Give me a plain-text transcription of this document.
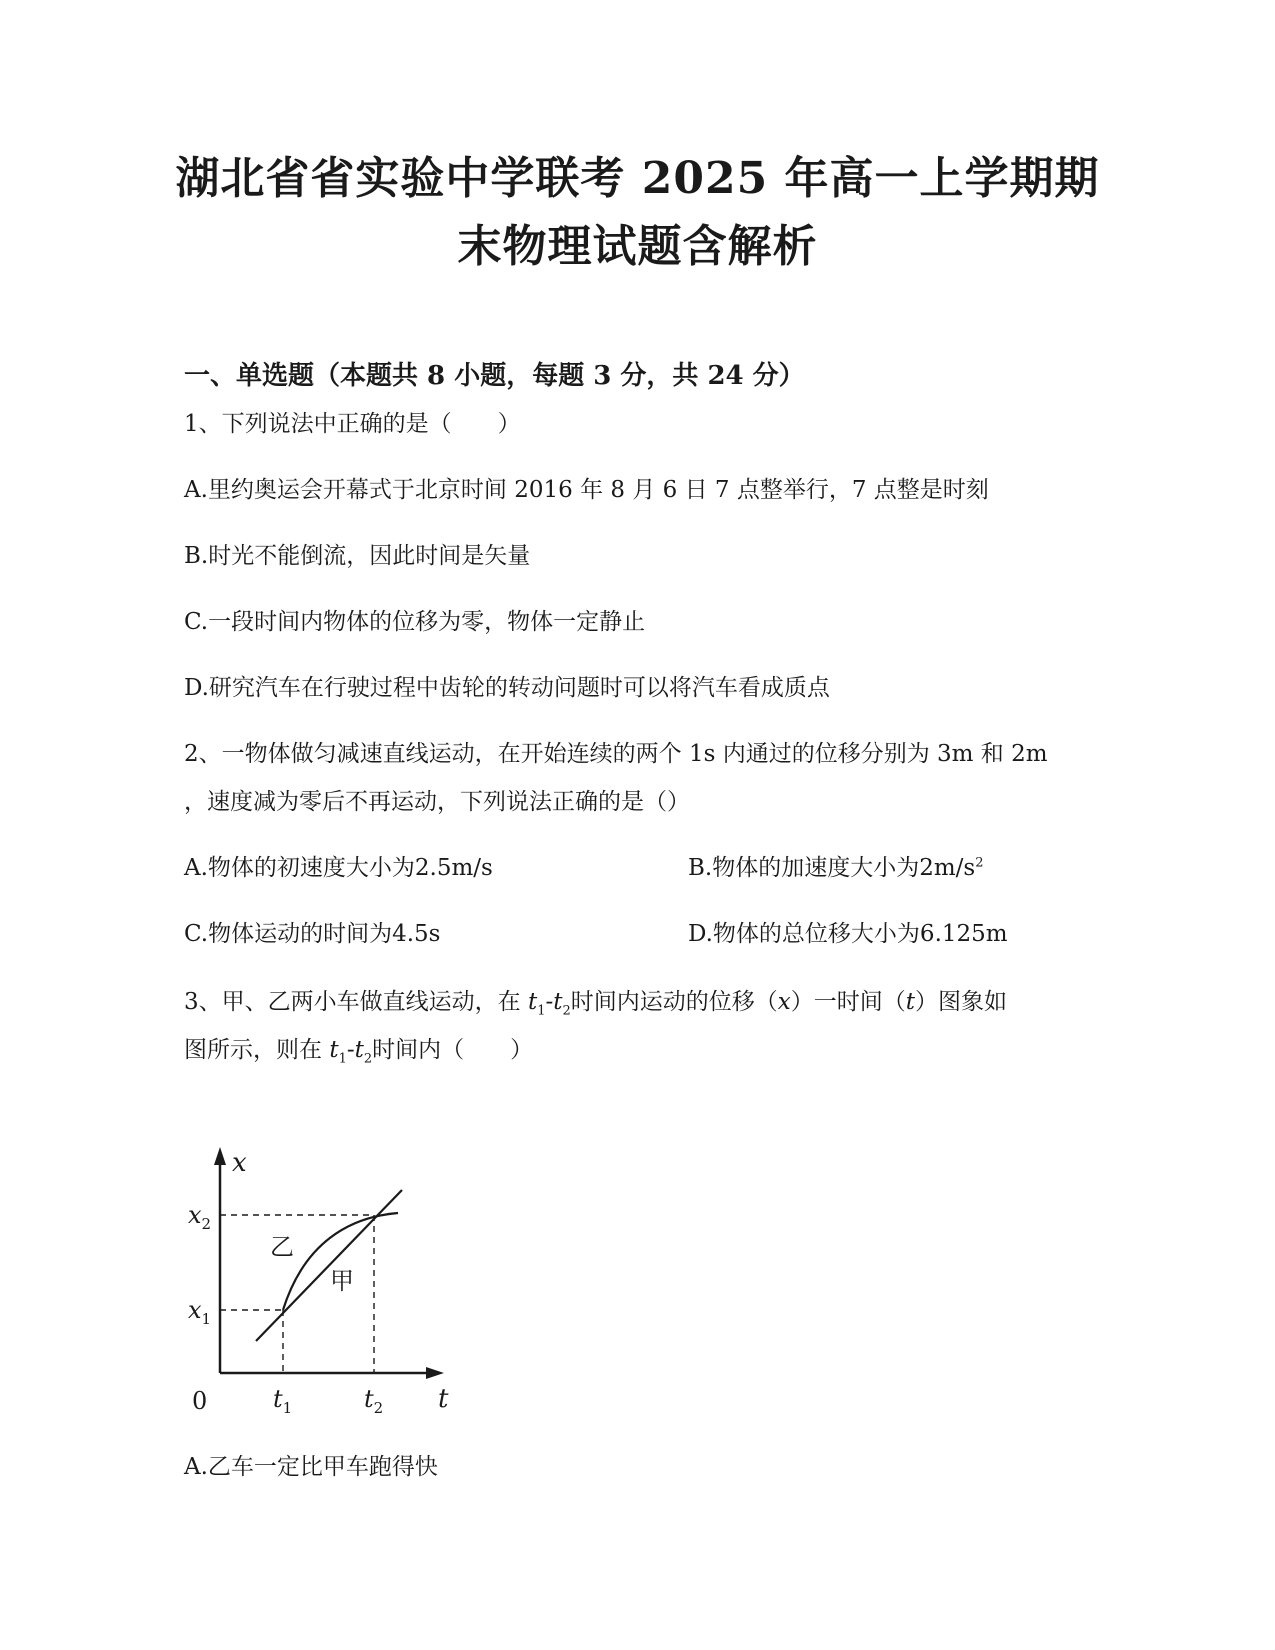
湖北省省实验中学联考 2025 年高一上学期期
末物理试题含解析
一、单选题（本题共 8 小题，每题 3 分，共 24 分）
1、下列说法中正确的是（　　）
A.里约奥运会开幕式于北京时间 2016 年 8 月 6 日 7 点整举行，7 点整是时刻
B.时光不能倒流，因此时间是矢量
C.一段时间内物体的位移为零，物体一定静止
D.研究汽车在行驶过程中齿轮的转动问题时可以将汽车看成质点
2、一物体做匀减速直线运动，在开始连续的两个 1s 内通过的位移分别为 3m 和 2m
，速度减为零后不再运动，下列说法正确的是（）
A.物体的初速度大小为2.5m/s	B.物体的加速度大小为$2m/s^2$
C.物体运动的时间为4.5s	D.物体的总位移大小为6.125m
3、甲、乙两小车做直线运动，在 $t_1-t_2$时间内运动的位移（x）一时间（t）图象如
图所示，则在 $t_1-t_2$时间内（　　）
x
t
0
$x_2$
$x_1$
$t_1$	$t_2$
乙
甲
A.乙车一定比甲车跑得快
